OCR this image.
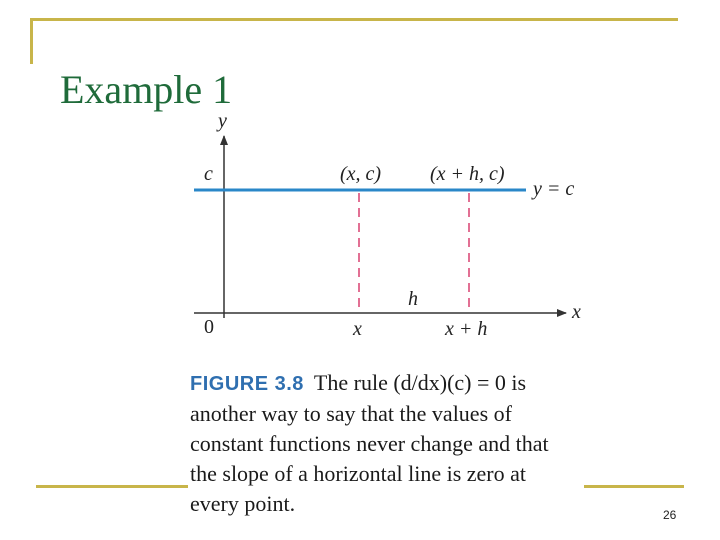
Example 1
y
x
0
c
y = c
(x, c) (x + h, c)
x	x + h
h
FIGURE 3.8 The rule (d/dx)(c) = 0 is
another way to say that the values of
constant functions never change and that
the slope of a horizontal line is zero at
every point.	26
